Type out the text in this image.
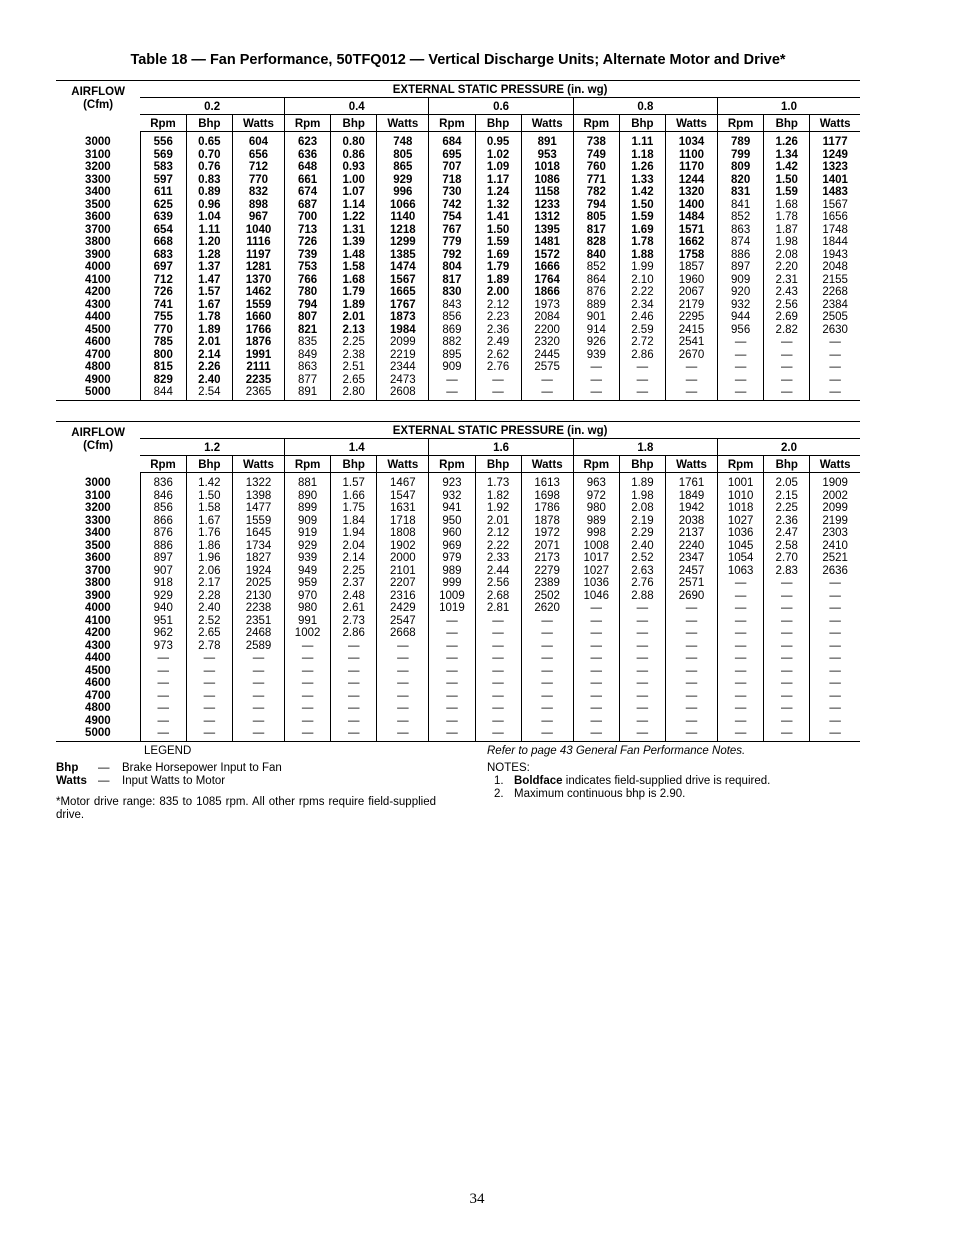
Table 18 — Fan Performance, 50TFQ012 — Vertical Discharge Units; Alternate Motor and Drive*
AIRFLOW
(Cfm)	EXTERNAL STATIC PRESSURE (in. wg)														
	0.2			0.4			0.6			0.8			1.0		
	Rpm	Bhp	Watts	Rpm	Bhp	Watts	Rpm	Bhp	Watts	Rpm	Bhp	Watts	Rpm	Bhp	Watts
3000	556	0.65	604	623	0.80	748	684	0.95	891	738	1.11	1034	789	1.26	1177
3100	569	0.70	656	636	0.86	805	695	1.02	953	749	1.18	1100	799	1.34	1249
3200	583	0.76	712	648	0.93	865	707	1.09	1018	760	1.26	1170	809	1.42	1323
3300	597	0.83	770	661	1.00	929	718	1.17	1086	771	1.33	1244	820	1.50	1401
3400	611	0.89	832	674	1.07	996	730	1.24	1158	782	1.42	1320	831	1.59	1483
3500	625	0.96	898	687	1.14	1066	742	1.32	1233	794	1.50	1400	841	1.68	1567
3600	639	1.04	967	700	1.22	1140	754	1.41	1312	805	1.59	1484	852	1.78	1656
3700	654	1.11	1040	713	1.31	1218	767	1.50	1395	817	1.69	1571	863	1.87	1748
3800	668	1.20	1116	726	1.39	1299	779	1.59	1481	828	1.78	1662	874	1.98	1844
3900	683	1.28	1197	739	1.48	1385	792	1.69	1572	840	1.88	1758	886	2.08	1943
4000	697	1.37	1281	753	1.58	1474	804	1.79	1666	852	1.99	1857	897	2.20	2048
4100	712	1.47	1370	766	1.68	1567	817	1.89	1764	864	2.10	1960	909	2.31	2155
4200	726	1.57	1462	780	1.79	1665	830	2.00	1866	876	2.22	2067	920	2.43	2268
4300	741	1.67	1559	794	1.89	1767	843	2.12	1973	889	2.34	2179	932	2.56	2384
4400	755	1.78	1660	807	2.01	1873	856	2.23	2084	901	2.46	2295	944	2.69	2505
4500	770	1.89	1766	821	2.13	1984	869	2.36	2200	914	2.59	2415	956	2.82	2630
4600	785	2.01	1876	835	2.25	2099	882	2.49	2320	926	2.72	2541	—	—	—
4700	800	2.14	1991	849	2.38	2219	895	2.62	2445	939	2.86	2670	—	—	—
4800	815	2.26	2111	863	2.51	2344	909	2.76	2575	—	—	—	—	—	—
4900	829	2.40	2235	877	2.65	2473	—	—	—	—	—	—	—	—	—
5000	844	2.54	2365	891	2.80	2608	—	—	—	—	—	—	—	—	—
AIRFLOW
(Cfm)	EXTERNAL STATIC PRESSURE (in. wg)														
	1.2			1.4			1.6			1.8			2.0		
	Rpm	Bhp	Watts	Rpm	Bhp	Watts	Rpm	Bhp	Watts	Rpm	Bhp	Watts	Rpm	Bhp	Watts
3000	836	1.42	1322	881	1.57	1467	923	1.73	1613	963	1.89	1761	1001	2.05	1909
3100	846	1.50	1398	890	1.66	1547	932	1.82	1698	972	1.98	1849	1010	2.15	2002
3200	856	1.58	1477	899	1.75	1631	941	1.92	1786	980	2.08	1942	1018	2.25	2099
3300	866	1.67	1559	909	1.84	1718	950	2.01	1878	989	2.19	2038	1027	2.36	2199
3400	876	1.76	1645	919	1.94	1808	960	2.12	1972	998	2.29	2137	1036	2.47	2303
3500	886	1.86	1734	929	2.04	1902	969	2.22	2071	1008	2.40	2240	1045	2.58	2410
3600	897	1.96	1827	939	2.14	2000	979	2.33	2173	1017	2.52	2347	1054	2.70	2521
3700	907	2.06	1924	949	2.25	2101	989	2.44	2279	1027	2.63	2457	1063	2.83	2636
3800	918	2.17	2025	959	2.37	2207	999	2.56	2389	1036	2.76	2571	—	—	—
3900	929	2.28	2130	970	2.48	2316	1009	2.68	2502	1046	2.88	2690	—	—	—
4000	940	2.40	2238	980	2.61	2429	1019	2.81	2620	—	—	—	—	—	—
4100	951	2.52	2351	991	2.73	2547	—	—	—	—	—	—	—	—	—
4200	962	2.65	2468	1002	2.86	2668	—	—	—	—	—	—	—	—	—
4300	973	2.78	2589	—	—	—	—	—	—	—	—	—	—	—	—
4400	—	—	—	—	—	—	—	—	—	—	—	—	—	—	—
4500	—	—	—	—	—	—	—	—	—	—	—	—	—	—	—
4600	—	—	—	—	—	—	—	—	—	—	—	—	—	—	—
4700	—	—	—	—	—	—	—	—	—	—	—	—	—	—	—
4800	—	—	—	—	—	—	—	—	—	—	—	—	—	—	—
4900	—	—	—	—	—	—	—	—	—	—	—	—	—	—	—
5000	—	—	—	—	—	—	—	—	—	—	—	—	—	—	—
LEGEND
Bhp — Brake Horsepower Input to Fan
Watts — Input Watts to Motor
*Motor drive range: 835 to 1085 rpm. All other rpms require field-supplied drive.
Refer to page 43 General Fan Performance Notes.
NOTES:
1. Boldface indicates field-supplied drive is required.
2. Maximum continuous bhp is 2.90.
34
